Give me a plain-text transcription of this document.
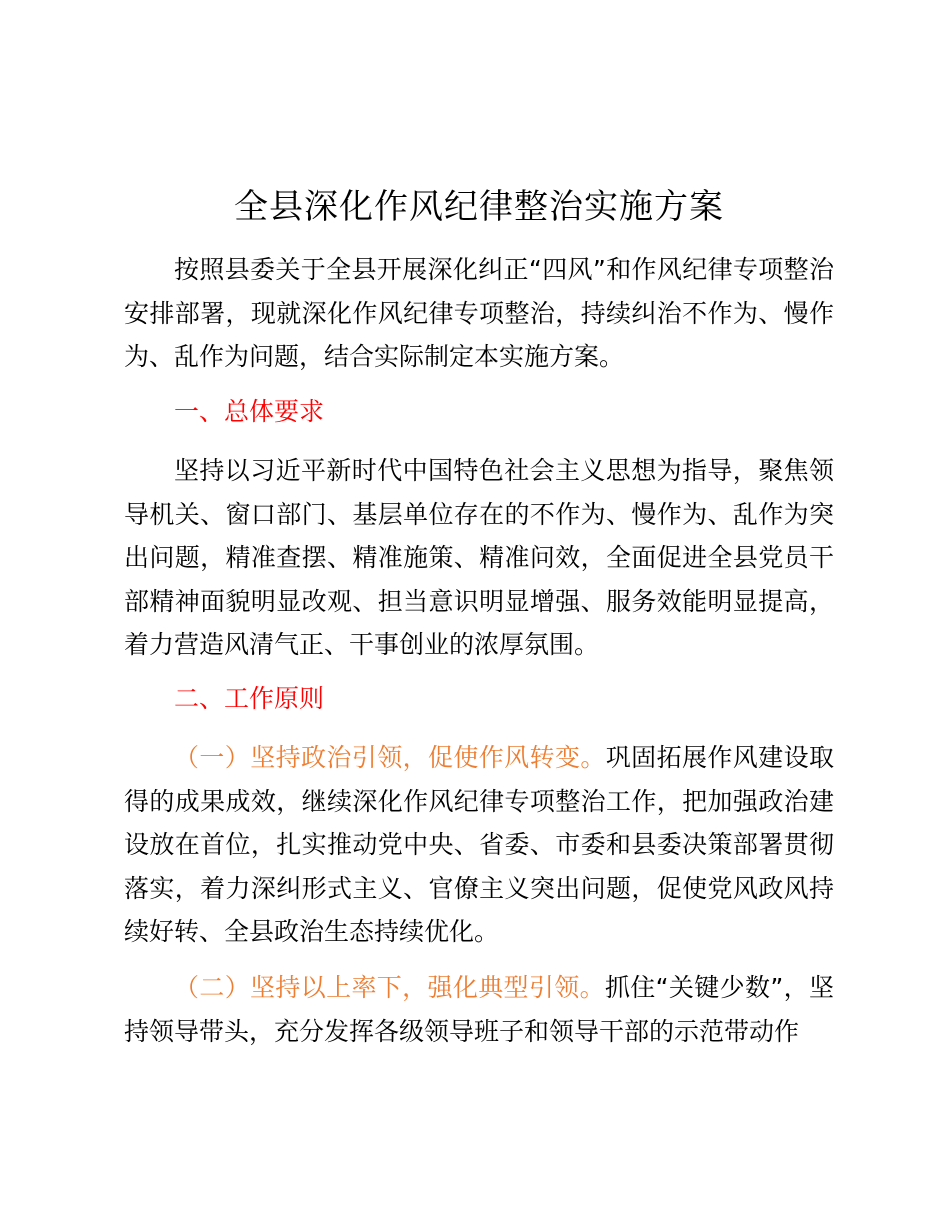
全县深化作风纪律整治实施方案

按照县委关于全县开展深化纠正“四风”和作风纪律专项整治安排部署，现就深化作风纪律专项整治，持续纠治不作为、慢作为、乱作为问题，结合实际制定本实施方案。

一、总体要求

坚持以习近平新时代中国特色社会主义思想为指导，聚焦领导机关、窗口部门、基层单位存在的不作为、慢作为、乱作为突出问题，精准查摆、精准施策、精准问效，全面促进全县党员干部精神面貌明显改观、担当意识明显增强、服务效能明显提高，着力营造风清气正、干事创业的浓厚氛围。

二、工作原则

（一）坚持政治引领，促使作风转变。巩固拓展作风建设取得的成果成效，继续深化作风纪律专项整治工作，把加强政治建设放在首位，扎实推动党中央、省委、市委和县委决策部署贯彻落实，着力深纠形式主义、官僚主义突出问题，促使党风政风持续好转、全县政治生态持续优化。

（二）坚持以上率下，强化典型引领。抓住“关键少数”，坚持领导带头，充分发挥各级领导班子和领导干部的示范带动作
